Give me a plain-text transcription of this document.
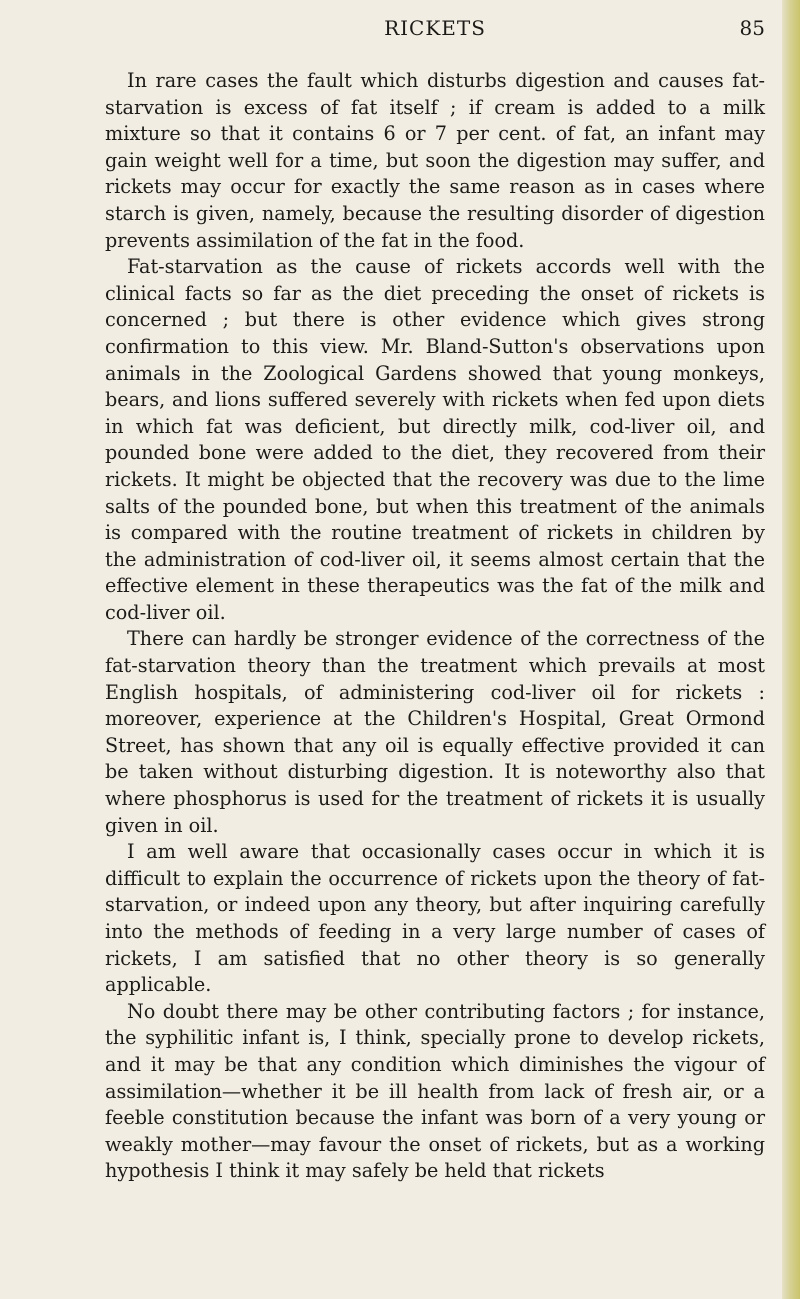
RICKETS	85

In rare cases the fault which disturbs digestion and causes fat-starvation is excess of fat itself ; if cream is added to a milk mixture so that it contains 6 or 7 per cent. of fat, an infant may gain weight well for a time, but soon the digestion may suffer, and rickets may occur for exactly the same reason as in cases where starch is given, namely, because the resulting disorder of digestion prevents assimilation of the fat in the food.

Fat-starvation as the cause of rickets accords well with the clinical facts so far as the diet preceding the onset of rickets is concerned ; but there is other evidence which gives strong confirmation to this view. Mr. Bland-Sutton's observations upon animals in the Zoological Gardens showed that young monkeys, bears, and lions suffered severely with rickets when fed upon diets in which fat was deficient, but directly milk, cod-liver oil, and pounded bone were added to the diet, they recovered from their rickets. It might be objected that the recovery was due to the lime salts of the pounded bone, but when this treatment of the animals is compared with the routine treatment of rickets in children by the administration of cod-liver oil, it seems almost certain that the effective element in these therapeutics was the fat of the milk and cod-liver oil.

There can hardly be stronger evidence of the correctness of the fat-starvation theory than the treatment which prevails at most English hospitals, of administering cod-liver oil for rickets : moreover, experience at the Children's Hospital, Great Ormond Street, has shown that any oil is equally effective provided it can be taken without disturbing digestion. It is noteworthy also that where phosphorus is used for the treatment of rickets it is usually given in oil.

I am well aware that occasionally cases occur in which it is difficult to explain the occurrence of rickets upon the theory of fat-starvation, or indeed upon any theory, but after inquiring carefully into the methods of feeding in a very large number of cases of rickets, I am satisfied that no other theory is so generally applicable.

No doubt there may be other contributing factors ; for instance, the syphilitic infant is, I think, specially prone to develop rickets, and it may be that any condition which diminishes the vigour of assimilation—whether it be ill health from lack of fresh air, or a feeble constitution because the infant was born of a very young or weakly mother—may favour the onset of rickets, but as a working hypothesis I think it may safely be held that rickets
